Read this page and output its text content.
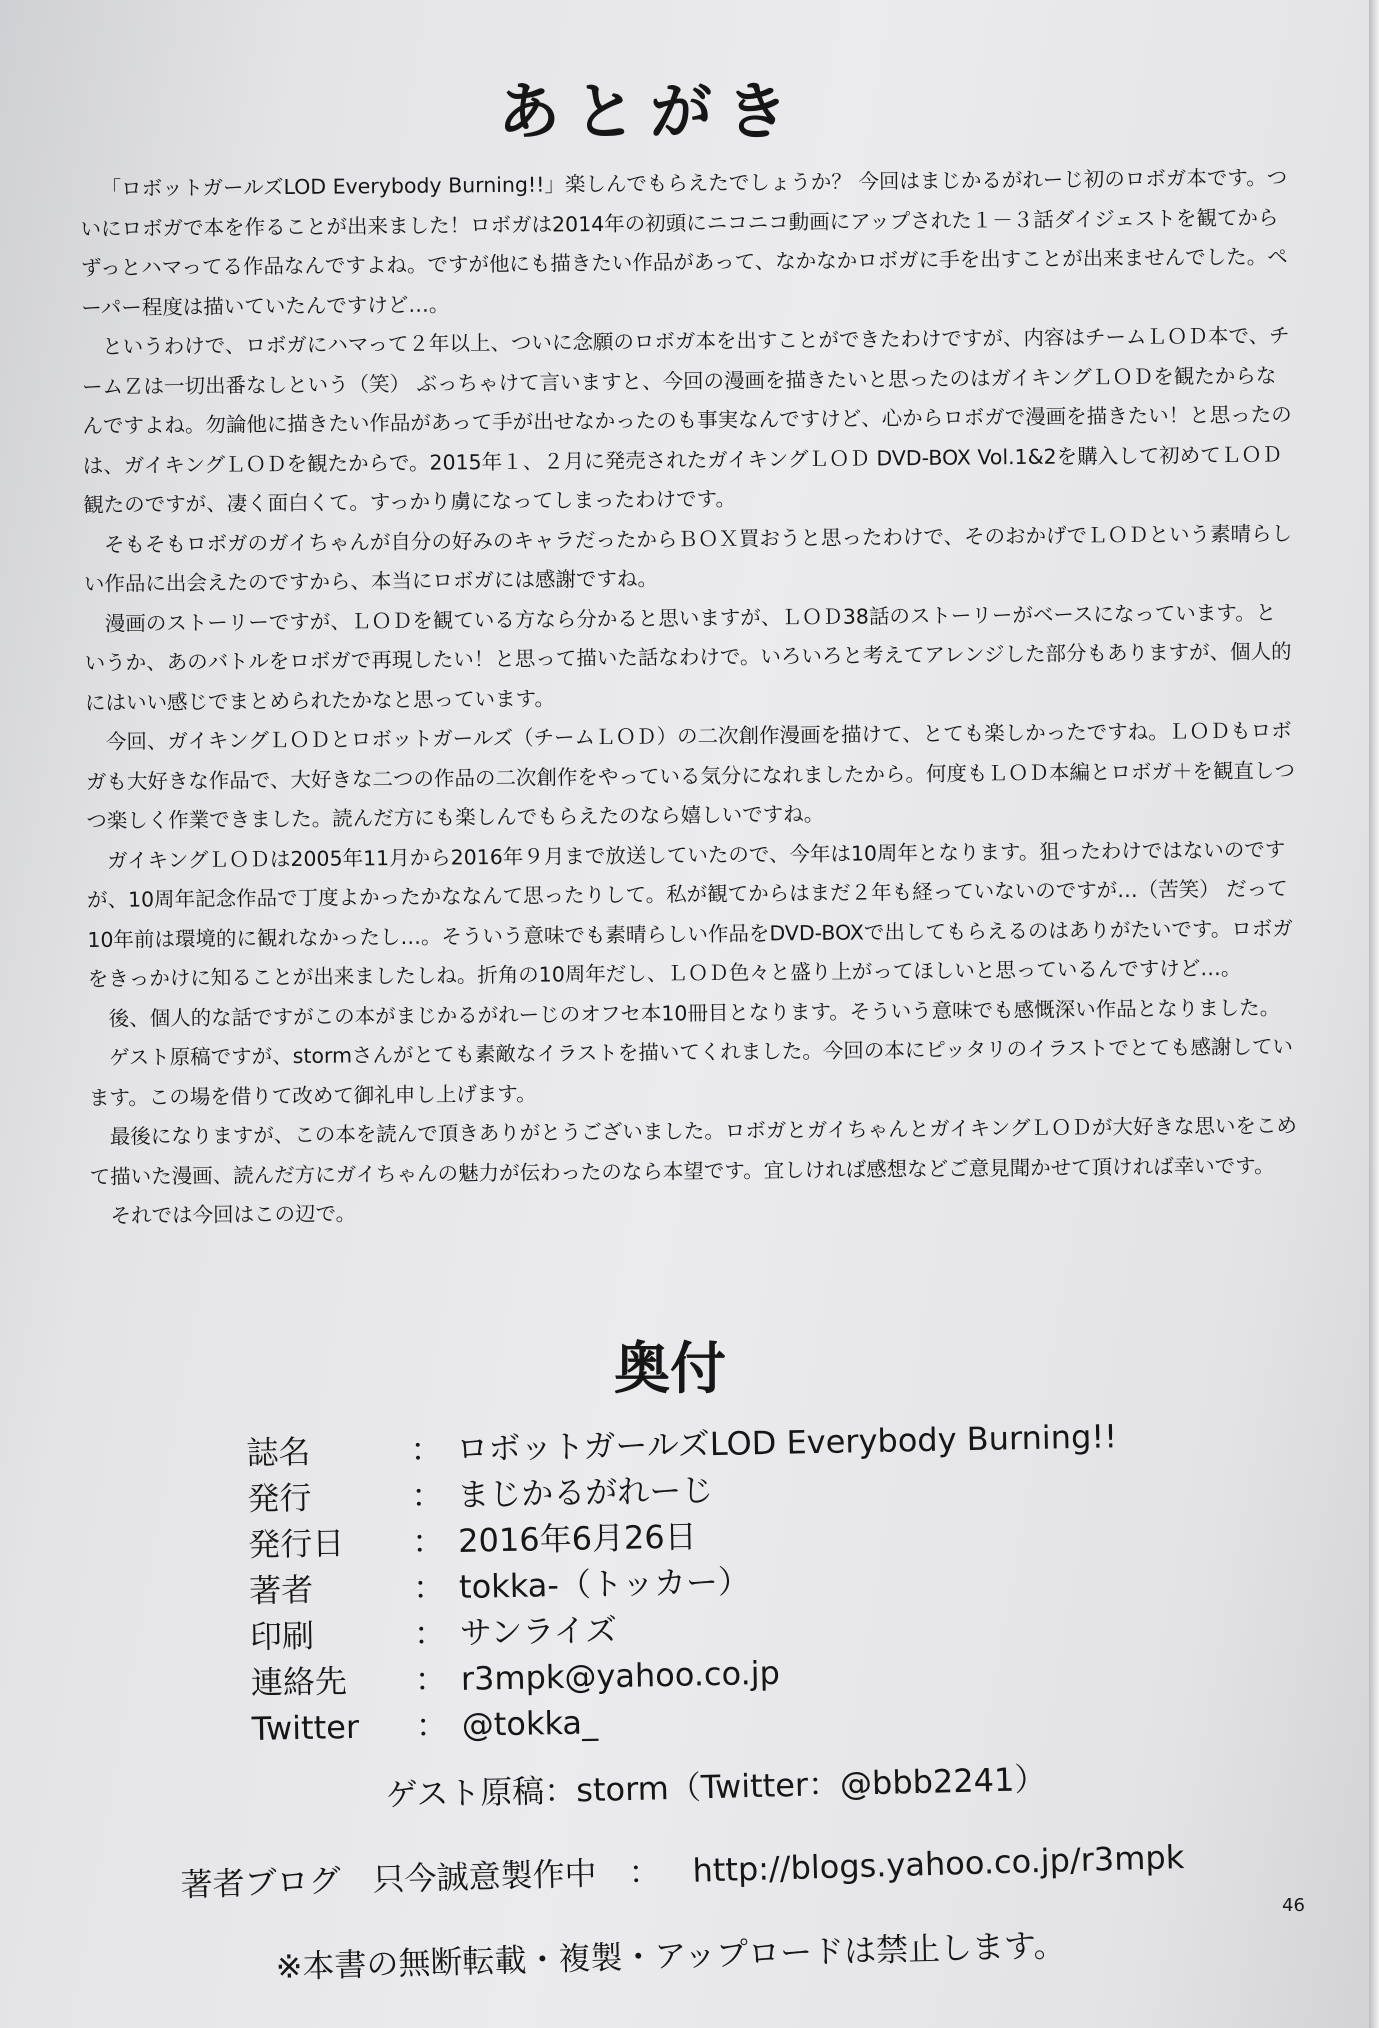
あとがき

「ロボットガールズLOD Everybody Burning!!」楽しんでもらえたでしょうか？ 今回はまじかるがれーじ初のロボガ本です。ついにロボガで本を作ることが出来ました！ロボガは2014年の初頭にニコニコ動画にアップされた１－３話ダイジェストを観てからずっとハマってる作品なんですよね。ですが他にも描きたい作品があって、なかなかロボガに手を出すことが出来ませんでした。ペーパー程度は描いていたんですけど…。

というわけで、ロボガにハマって２年以上、ついに念願のロボガ本を出すことができたわけですが、内容はチームＬＯＤ本で、チームＺは一切出番なしという（笑） ぶっちゃけて言いますと、今回の漫画を描きたいと思ったのはガイキングＬＯＤを観たからなんですよね。勿論他に描きたい作品があって手が出せなかったのも事実なんですけど、心からロボガで漫画を描きたい！と思ったのは、ガイキングＬＯＤを観たからで。2015年１、２月に発売されたガイキングＬＯＤ DVD-BOX Vol.1&2を購入して初めてＬＯＤ観たのですが、凄く面白くて。すっかり虜になってしまったわけです。

そもそもロボガのガイちゃんが自分の好みのキャラだったからＢＯＸ買おうと思ったわけで、そのおかげでＬＯＤという素晴らしい作品に出会えたのですから、本当にロボガには感謝ですね。

漫画のストーリーですが、ＬＯＤを観ている方なら分かると思いますが、ＬＯＤ38話のストーリーがベースになっています。というか、あのバトルをロボガで再現したい！と思って描いた話なわけで。いろいろと考えてアレンジした部分もありますが、個人的にはいい感じでまとめられたかなと思っています。

今回、ガイキングＬＯＤとロボットガールズ（チームＬＯＤ）の二次創作漫画を描けて、とても楽しかったですね。ＬＯＤもロボガも大好きな作品で、大好きな二つの作品の二次創作をやっている気分になれましたから。何度もＬＯＤ本編とロボガ＋を観直しつつ楽しく作業できました。読んだ方にも楽しんでもらえたのなら嬉しいですね。

ガイキングＬＯＤは2005年11月から2016年９月まで放送していたので、今年は10周年となります。狙ったわけではないのですが、10周年記念作品で丁度よかったかななんて思ったりして。私が観てからはまだ２年も経っていないのですが…（苦笑） だって10年前は環境的に観れなかったし…。そういう意味でも素晴らしい作品をDVD-BOXで出してもらえるのはありがたいです。ロボガをきっかけに知ることが出来ましたしね。折角の10周年だし、ＬＯＤ色々と盛り上がってほしいと思っているんですけど…。

後、個人的な話ですがこの本がまじかるがれーじのオフセ本10冊目となります。そういう意味でも感慨深い作品となりました。

ゲスト原稿ですが、stormさんがとても素敵なイラストを描いてくれました。今回の本にピッタリのイラストでとても感謝しています。この場を借りて改めて御礼申し上げます。

最後になりますが、この本を読んで頂きありがとうございました。ロボガとガイちゃんとガイキングＬＯＤが大好きな思いをこめて描いた漫画、読んだ方にガイちゃんの魅力が伝わったのなら本望です。宜しければ感想などご意見聞かせて頂ければ幸いです。

それでは今回はこの辺で。

奥付
誌名	： ロボットガールズLOD Everybody Burning!!
発行	： まじかるがれーじ
発行日	： 2016年6月26日
著者	： tokka-（トッカー）
印刷	： サンライズ
連絡先	： r3mpk@yahoo.co.jp
Twitter	： @tokka_
ゲスト原稿：storm（Twitter：@bbb2241）
著者ブログ　只今誠意製作中 ： http://blogs.yahoo.co.jp/r3mpk
46
※本書の無断転載・複製・アップロードは禁止します。
